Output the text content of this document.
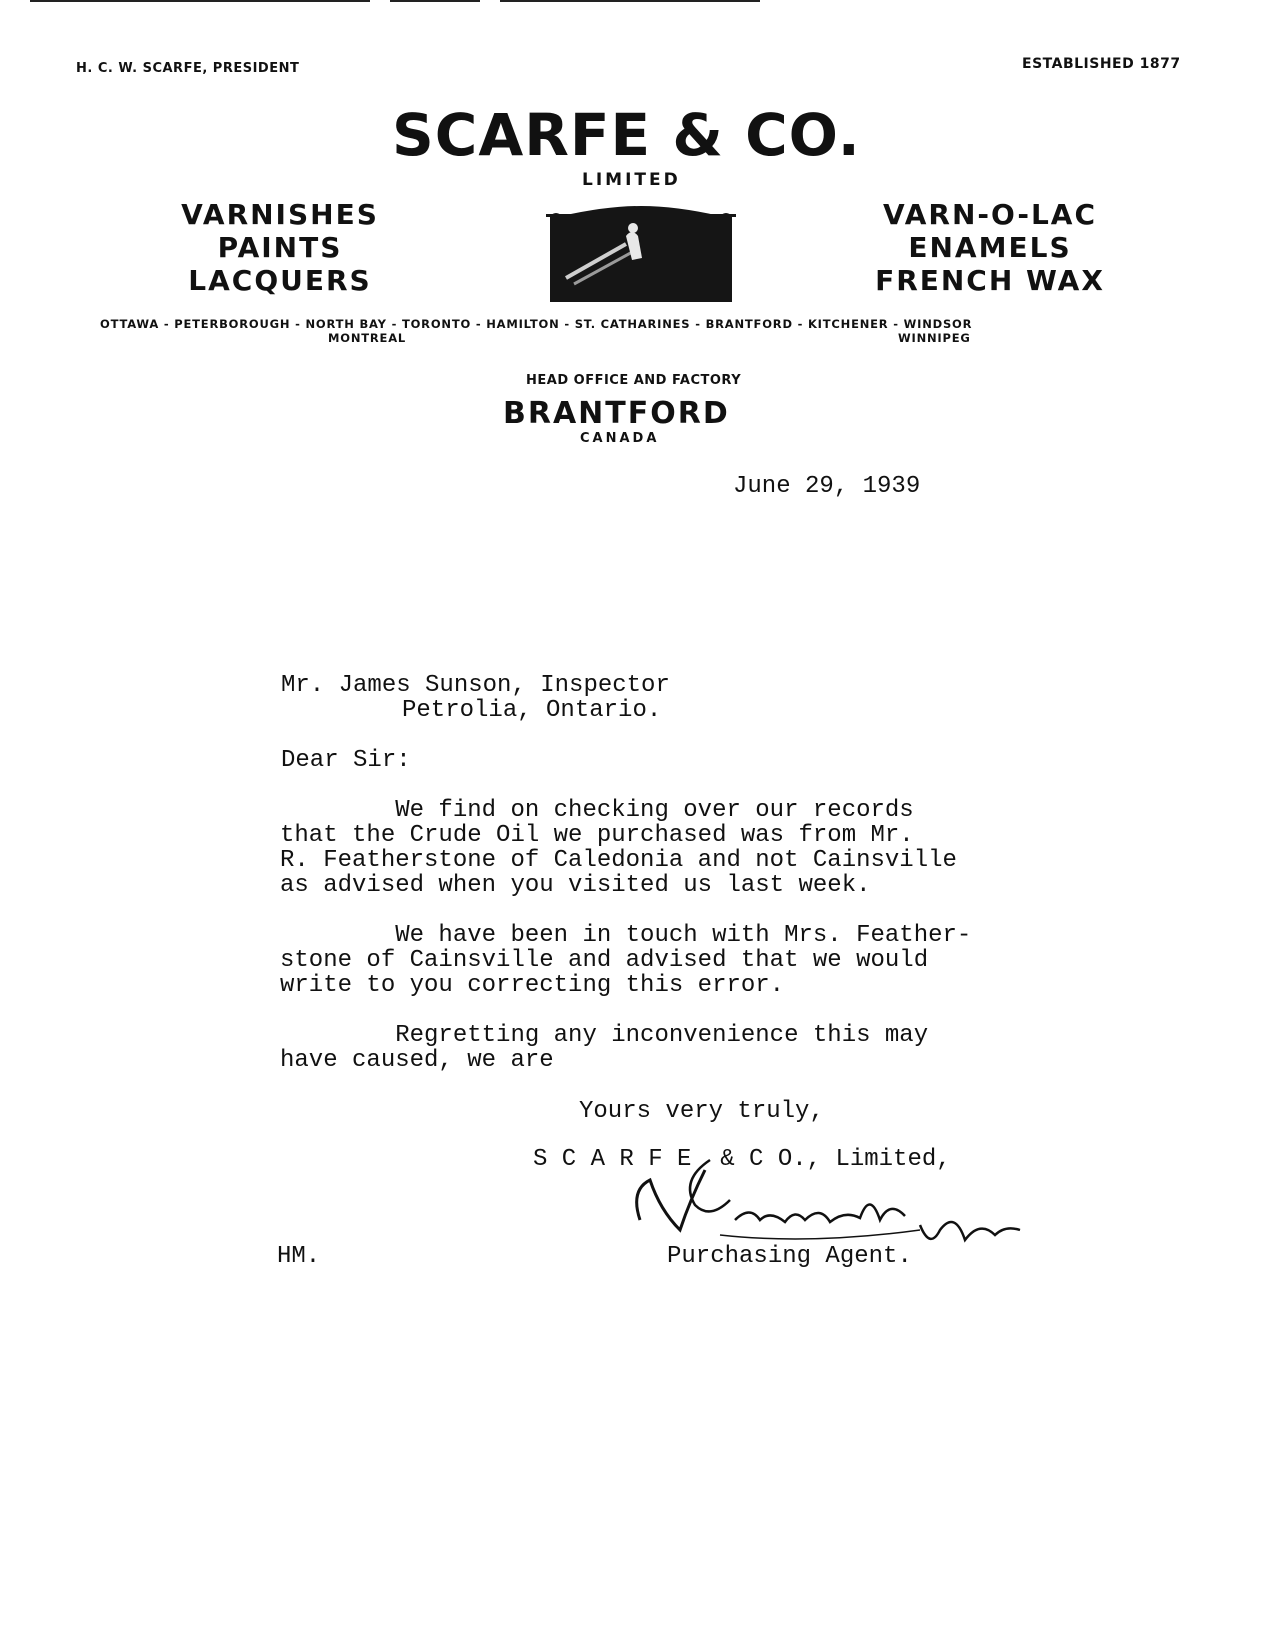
H. C. W. SCARFE, PRESIDENT	ESTABLISHED 1877
SCARFE & CO.
LIMITED
VARNISHES
PAINTS
LACQUERS
VARN-O-LAC
ENAMELS
FRENCH WAX
OTTAWA - PETERBOROUGH - NORTH BAY - TORONTO - HAMILTON - ST. CATHARINES - BRANTFORD - KITCHENER - WINDSOR
MONTREAL	WINNIPEG
HEAD OFFICE AND FACTORY
BRANTFORD
CANADA
June 29, 1939
Mr. James Sunson, Inspector
Petrolia, Ontario.
Dear Sir:
We find on checking over our records
that the Crude Oil we purchased was from Mr.
R. Featherstone of Caledonia and not Cainsville
as advised when you visited us last week.
We have been in touch with Mrs. Feather-
stone of Cainsville and advised that we would
write to you correcting this error.
Regretting any inconvenience this may
have caused, we are
Yours very truly,
S C A R F E  & C O., Limited,
Purchasing Agent.
HM.
